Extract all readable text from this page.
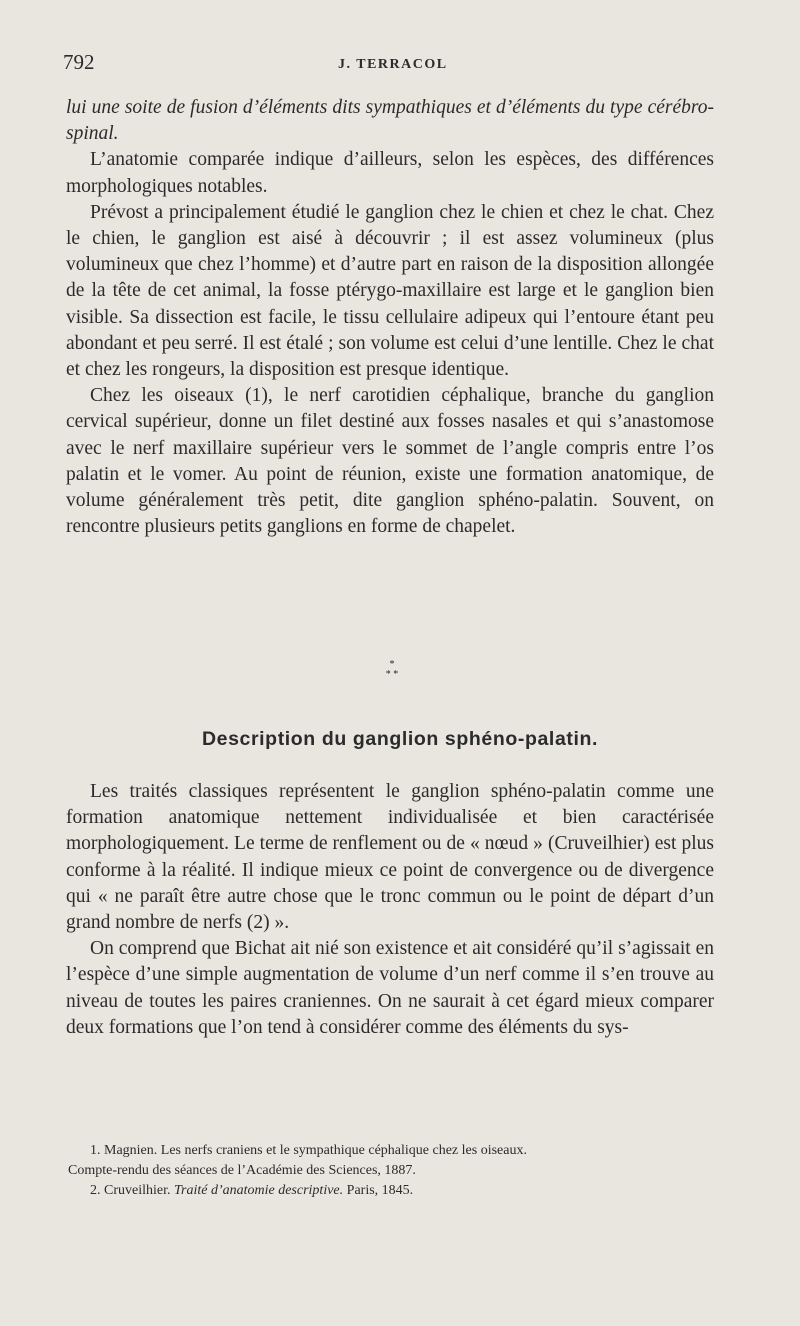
792	J. TERRACOL

lui une soite de fusion d’éléments dits sympathiques et d’éléments du type cérébro-spinal.

L’anatomie comparée indique d’ailleurs, selon les espèces, des différences morphologiques notables.

Prévost a principalement étudié le ganglion chez le chien et chez le chat. Chez le chien, le ganglion est aisé à découvrir ; il est assez volumineux (plus volumineux que chez l’homme) et d’autre part en raison de la disposition allongée de la tête de cet animal, la fosse ptérygo-maxillaire est large et le ganglion bien visible. Sa dissection est facile, le tissu cellulaire adipeux qui l’entoure étant peu abondant et peu serré. Il est étalé ; son volume est celui d’une lentille. Chez le chat et chez les rongeurs, la disposition est presque identique.

Chez les oiseaux (1), le nerf carotidien céphalique, branche du ganglion cervical supérieur, donne un filet destiné aux fosses nasales et qui s’anastomose avec le nerf maxillaire supérieur vers le sommet de l’angle compris entre l’os palatin et le vomer. Au point de réunion, existe une formation anatomique, de volume généralement très petit, dite ganglion sphéno-palatin. Souvent, on rencontre plusieurs petits ganglions en forme de chapelet.

*
* *
Description du ganglion sphéno-palatin.

Les traités classiques représentent le ganglion sphéno-palatin comme une formation anatomique nettement individualisée et bien caractérisée morphologiquement. Le terme de renflement ou de « nœud » (Cruveilhier) est plus conforme à la réalité. Il indique mieux ce point de convergence ou de divergence qui « ne paraît être autre chose que le tronc commun ou le point de départ d’un grand nombre de nerfs (2) ».

On comprend que Bichat ait nié son existence et ait considéré qu’il s’agissait en l’espèce d’une simple augmentation de volume d’un nerf comme il s’en trouve au niveau de toutes les paires craniennes. On ne saurait à cet égard mieux comparer deux formations que l’on tend à considérer comme des éléments du sys-

1. Magnien. Les nerfs craniens et le sympathique céphalique chez les oiseaux.

Compte-rendu des séances de l’Académie des Sciences, 1887.

2. Cruveilhier. Traité d’anatomie descriptive. Paris, 1845.
